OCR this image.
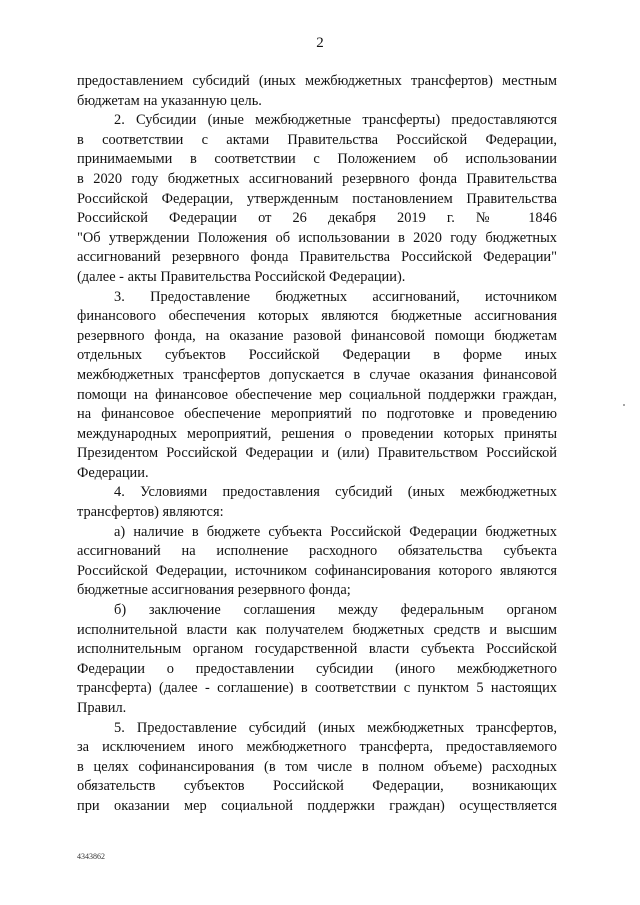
2
предоставлением субсидий (иных межбюджетных трансфертов) местным
бюджетам на указанную цель.
2. Субсидии (иные межбюджетные трансферты) предоставляются
в соответствии с актами Правительства Российской Федерации,
принимаемыми в соответствии с Положением об использовании
в 2020 году бюджетных ассигнований резервного фонда Правительства
Российской Федерации, утвержденным постановлением Правительства
Российской Федерации от 26 декабря 2019 г. № 1846
"Об утверждении Положения об использовании в 2020 году бюджетных
ассигнований резервного фонда Правительства Российской Федерации"
(далее - акты Правительства Российской Федерации).
3. Предоставление бюджетных ассигнований, источником
финансового обеспечения которых являются бюджетные ассигнования
резервного фонда, на оказание разовой финансовой помощи бюджетам
отдельных субъектов Российской Федерации в форме иных
межбюджетных трансфертов допускается в случае оказания финансовой
помощи на финансовое обеспечение мер социальной поддержки граждан,
на финансовое обеспечение мероприятий по подготовке и проведению
международных мероприятий, решения о проведении которых приняты
Президентом Российской Федерации и (или) Правительством Российской
Федерации.
4. Условиями предоставления субсидий (иных межбюджетных
трансфертов) являются:
а) наличие в бюджете субъекта Российской Федерации бюджетных
ассигнований на исполнение расходного обязательства субъекта
Российской Федерации, источником софинансирования которого являются
бюджетные ассигнования резервного фонда;
б) заключение соглашения между федеральным органом
исполнительной власти как получателем бюджетных средств и высшим
исполнительным органом государственной власти субъекта Российской
Федерации о предоставлении субсидии (иного межбюджетного
трансферта) (далее - соглашение) в соответствии с пунктом 5 настоящих
Правил.
5. Предоставление субсидий (иных межбюджетных трансфертов,
за исключением иного межбюджетного трансферта, предоставляемого
в целях софинансирования (в том числе в полном объеме) расходных
обязательств субъектов Российской Федерации, возникающих
при оказании мер социальной поддержки граждан) осуществляется
4343862
